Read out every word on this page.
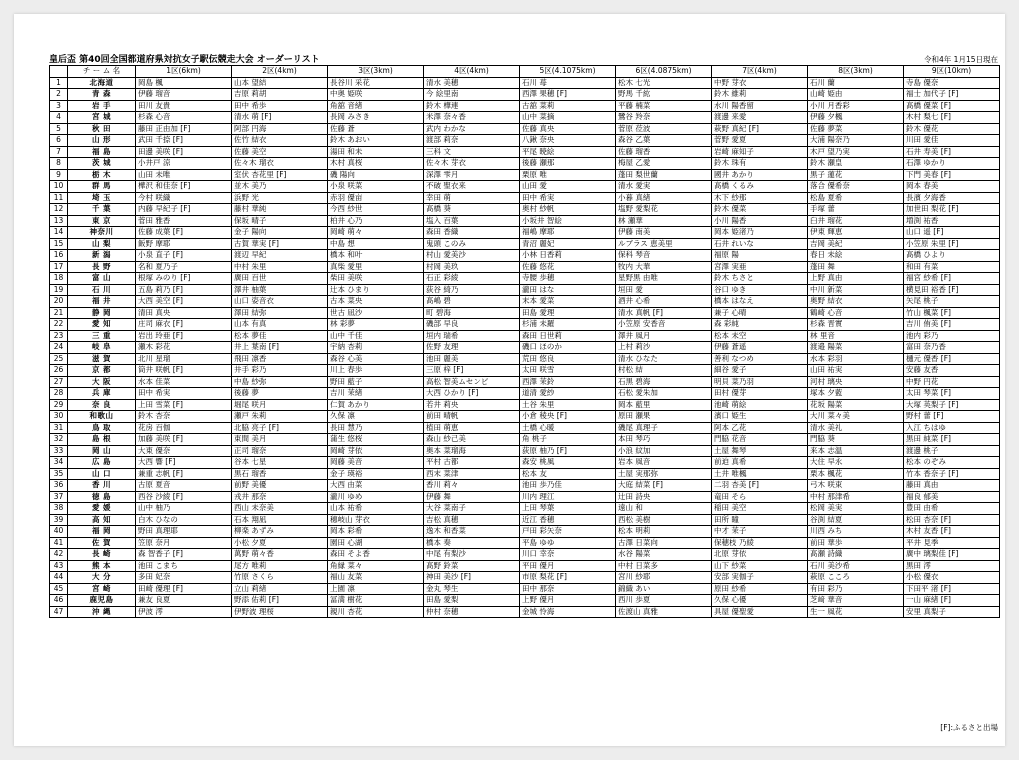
皇后盃 第40回全国都道府県対抗女子駅伝競走大会 オーダーリスト	令和4年 1月15日現在
	チ ー ム 名	1区(6km)	2区(4km)	3区(3km)	4区(4km)	5区(4.1075km)	6区(4.0875km)	7区(4km)	8区(3km)	9区(10km)
1	北海道	岡島 楓	山本 望結	長谷川 采花	清水 美穂	石川 苺	松木 七光	中野 芽衣	石川 蘭	寺島 優奈
2	青 森	伊藤 瑠音	吉原 莉胡	中奥 姫咲	今 絵里南	西澤 果穂 [F]	野馬 千紘	鈴木 維莉	山崎 姫由	福士 加代子 [F]
3	岩 手	田川 友貴	田中 希歩	角舘 音緒	鈴木 樺連	古舘 菜莉	平藤 楠菜	水川 陽香留	小川 月香彩	髙橋 優菜 [F]
4	宮 城	杉森 心音	清水 萌 [F]	長岡 みさき	米澤 奈々香	山中 菜摘	鷺谷 羚奈	渡邊 来愛	伊藤 夕楓	木村 梨七 [F]
5	秋 田	藤田 正由加 [F]	阿部 円海	佐藤 蒼	武内 わかな	佐藤 真央	菅原 莅波	萩野 真紀 [F]	佐藤 夢菜	鈴木 優花
6	山 形	武田 千捺 [F]	佐竹 結衣	鈴木 あおい	渡部 莉奈	八鍬 奈央	森谷 乙葉	菅野 愛夏	大浦 陽奈乃	川田 愛佳
7	福 島	田邊 美咲 [F]	佐藤 美空	湯田 和未	三科 文	平尾 暁絵	佐藤 瑠香	岩崎 麻知子	木戸 望乃実	石井 寿美 [F]
8	茨 城	小井戸 涼	佐々木 瑠衣	木村 真桜	佐々木 芽衣	後藤 瀬那	梅屋 乙愛	鈴木 珠有	鈴木 瀬皇	石澤 ゆかり
9	栃 木	山田 未唯	室伏 杏花里 [F]	磯 陽向	深澤 雫月	栗原 唯	蓬田 梨世蘭	國井 あかり	黒子 蓮花	下門 美春 [F]
10	群 馬	樺沢 和佳奈 [F]	並木 美乃	小泉 咲菜	不破 聖衣来	山田 愛	清水 愛実	髙橋 くるみ	落合 優希奈	岡本 春美
11	埼 玉	今村 咲織	浜野 光	赤羽 優亩	幸田 萌	田中 希実	小暮 真緒	木下 紗那	松島 夏希	長濱 夕海香
12	千 葉	内藤 早紀子 [F]	藤村 華純	今西 紗世	髙橋 葵	奥村 紗帆	塩野 愛梨花	鈴木 優菜	手塚 蕾	加世田 梨花 [F]
13	東 京	菅田 雅香	保坂 晴子	柏井 心乃	塩入 百葉	小坂井 智絵	林 瀬華	小川 陽香	臼井 瑠花	増渕 祐香
14	神奈川	佐藤 成葉 [F]	金子 陽向	岡崎 萌々	森田 香織	福嶋 摩耶	伊藤 南美	岡本 姫渚乃	伊東 輝恵	山口 遥 [F]
15	山 梨	飯野 摩耶	古賀 華実 [F]	中島 想	鬼頭 このみ	青沼 麗妃	ルブラス 恵美里	石井 れいな	吉岡 美紀	小笠原 朱里 [F]
16	新 潟	小泉 直子 [F]	渡辺 早紀	橋本 和叶	村山 愛美沙	小林 日香莉	保科 琴音	福原 陽	春日 未絵	髙橋 ひより
17	長 野	名和 夏乃子	中村 朱里	真柴 愛里	村岡 美玖	佐藤 悠花	牧内 大華	宮澤 実亜	蓬田 舞	和田 有菜
18	富 山	根塚 みのり [F]	廣田 百世	柴田 美咲	石正 彩綾	寺腰 歩穂	星野黒 由唯	鈴木 ちさと	上野 真由	福宮 紗希 [F]
19	石 川	五島 莉乃 [F]	澤井 柚葉	辻本 ひまり	荻谷 綺乃	瀧田 はな	垣田 愛	谷口 ゆき	中川 新菜	横見田 裕香 [F]
20	福 井	大西 美空 [F]	山口 姿音衣	古本 菜央	髙嶋 碧	末本 愛菜	酒井 心希	橋本 はなえ	奥野 結衣	矢尾 桃子
21	静 岡	清田 真央	澤田 結弥	世古 凪沙	町 碧海	田島 愛理	清水 真帆 [F]	兼子 心晴	鶴崎 心音	竹山 楓菜 [F]
22	愛 知	庄司 麻衣 [F]	山本 有真	林 彩夢	磯部 早良	杉浦 未羅	小笠原 安香音	森 彩純	杉森 晋實	吉川 侑美 [F]
23	三 重	岩出 玲亜 [F]	松本 夢佳	山中 千佳	垣内 瑞希	森田 日世莉	澤井 風月	松本 未空	林 里音	池内 彩乃
24	岐 阜	瀬木 彩花	井上 葉南 [F]	宇納 杏莉	佐野 友理	磯口 ほのか	上村 莉沙	伊藤 蒼遥	渡邉 陽菜	富田 奈乃香
25	滋 賀	北川 星瑠	飛田 凛香	森谷 心美	池田 麗美	荒田 悠良	清水 ひなた	善利 なつめ	水本 彩羽	樋元 優香 [F]
26	京 都	筒井 咲帆 [F]	井手 彩乃	川上 春歩	三原 梓 [F]	太田 咲雪	村松 結	細谷 愛子	山田 祐実	安藤 友香
27	大 阪	水本 佳菜	中島 紗弥	野田 藍子	高松 智美ムセンビ	西澤 茉鈴	石黒 碧海	明貝 菜乃羽	河村 璃央	中野 円花
28	兵 庫	田中 希実	後藤 夢	吉川 茉緒	大西 ひかり [F]	道清 愛紗	石松 愛朱加	田村 優芽	塚本 夕藍	太田 琴菜 [F]
29	奈 良	上田 雪菜 [F]	堀尾 咲月	仁賀 あかり	若井 莉央	土谷 朱里	岡本 藍里	池崎 萌絵	花坂 陽菜	大塚 英梨子 [F]
30	和歌山	鈴木 杏奈	瀬戸 朱莉	久保 凛	前田 晴帆	小倉 稜央 [F]	原田 瀬果	濱口 姫生	大川 菜々美	野村 蕾 [F]
31	鳥 取	花房 百伽	北脇 亮子 [F]	長田 慧乃	植田 萌恵	土橋 心暖	磯尾 真理子	阿本 乙花	清水 美礼	入江 ちはゆ
32	島 根	加藤 美咲 [F]	東間 美月	蒲生 悠桜	森山 紗己美	角 桃子	本田 琴巧	門脇 花音	門脇 葵	黒田 純菜 [F]
33	岡 山	大東 優奈	正司 瑠奈	岡崎 芽依	奥本 菜瑠海	荻原 柚乃 [F]	小浪 紋加	土屋 舞琴	来本 志温	渡邊 桃子
34	広 島	大西 響 [F]	谷本 七星	岡藤 美音	平村 古都	森安 桃風	岩本 風音	前迫 真希	大住 早永	松本 のぞみ
35	山 口	兼重 志帆 [F]	黒石 瑠香	金子 瑛裕	西末 菜津	松本 友	土屋 実那弥	土井 唯楓	栗本 楓花	竹本 香奈子 [F]
36	香 川	古原 夏音	前野 美優	大西 由菜	香川 莉々	池田 歩乃佳	大庭 結菜 [F]	二羽 杏美 [F]	弓木 咲束	藤田 真由
37	徳 島	西谷 沙綾 [F]	戎井 那奈	瀧川 ゆめ	伊藤 舞	川内 理江	辻田 詩央	竜田 そら	中村 那津希	福良 郁美
38	愛 媛	山中 柚乃	西山 未奈美	山本 祐希	大谷 菜南子	上田 琴葉	遠山 和	稲田 美空	松岡 美実	豊田 由希
39	高 知	白木 ひなの	石本 翔凪	穗岐山 芽衣	吉松 真穂	近江 香穂	西松 美樹	田所 瞳	谷渕 結夏	松田 杏奈 [F]
40	福 岡	野田 真理耶	柳楽 あずみ	岡本 彩希	逸木 和香菜	戸田 彩矢奈	松本 明莉	中才 茉子	川西 みち	木村 友香 [F]
41	佐 賀	笠原 奈月	小松 夕夏	園田 心湖	橋本 奏	平島 ゆゆ	古澤 日菜向	保穂枝 乃綾	前田 華歩	平井 見季
42	長 崎	森 智香子 [F]	萬野 萌々香	森田 そよ香	中尾 有梨沙	川口 幸奈	水谷 陽菜	北原 芽依	髙瀬 詩織	廣中 璃梨佳 [F]
43	熊 本	池田 こまち	尾方 唯莉	角縁 菜々	髙野 鈴菜	平田 優月	中村 日菜多	山下 紗菜	石川 美沙希	黒田 澪
44	大 分	多田 妃奈	竹原 さくら	福山 友菜	神田 美沙 [F]	市原 梨花 [F]	宮川 紗耶	安部 実伽子	萩原 こころ	小松 優衣
45	宮 崎	田崎 優理 [F]	立山 莉緒	上園 凛	金丸 琴生	田中 那奈	錦織 あい	原田 紗希	有田 彩乃	下田平 渚 [F]
46	鹿児島	兼友 良夏	野添 佑莉 [F]	冨満 樹花	田島 愛梨	上野 優月	西川 歩夏	久保 心優	芝﨑 華音	一山 麻緒 [F]
47	沖 縄	伊波 澪	伊野波 理桜	親川 杏花	仲村 奈穂	金城 怜海	佐渡山 真雅	具屋 優聖愛	生一 風花	安里 真梨子
[F]:ふるさと出場
